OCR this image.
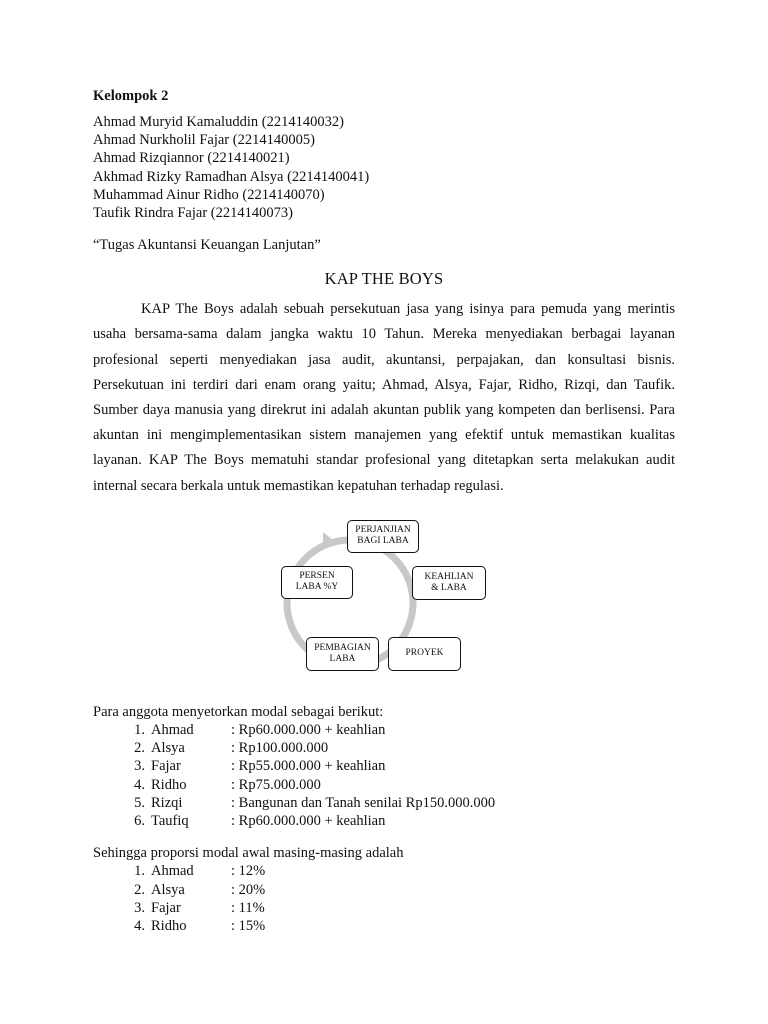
Kelompok 2
Ahmad Muryid Kamaluddin (2214140032)
Ahmad Nurkholil Fajar (2214140005)
Ahmad Rizqiannor (2214140021)
Akhmad Rizky Ramadhan Alsya (2214140041)
Muhammad Ainur Ridho (2214140070)
Taufik Rindra Fajar (2214140073)
“Tugas Akuntansi Keuangan Lanjutan”
KAP THE BOYS
KAP The Boys adalah sebuah persekutuan jasa yang isinya para pemuda yang merintis usaha bersama-sama dalam jangka waktu 10 Tahun. Mereka menyediakan berbagai layanan profesional seperti menyediakan jasa audit, akuntansi, perpajakan, dan konsultasi bisnis. Persekutuan ini terdiri dari enam orang yaitu; Ahmad, Alsya, Fajar, Ridho, Rizqi, dan Taufik. Sumber daya manusia yang direkrut ini adalah akuntan publik yang kompeten dan berlisensi. Para akuntan ini mengimplementasikan sistem manajemen yang efektif untuk memastikan kualitas layanan. KAP The Boys mematuhi standar profesional yang ditetapkan serta melakukan audit internal secara berkala untuk memastikan kepatuhan terhadap regulasi.
PERJANJIAN
BAGI LABA
KEAHLIAN
& LABA
PROYEK
PEMBAGIAN
LABA
PERSEN
LABA %Y
Para anggota menyetorkan modal sebagai berikut:
1. Ahmad	: Rp60.000.000 + keahlian
2. Alsya	: Rp100.000.000
3. Fajar	: Rp55.000.000 + keahlian
4. Ridho	: Rp75.000.000
5. Rizqi	: Bangunan dan Tanah senilai Rp150.000.000
6. Taufiq	: Rp60.000.000 + keahlian
Sehingga proporsi modal awal masing-masing adalah
1. Ahmad	: 12%
2. Alsya	: 20%
3. Fajar	: 11%
4. Ridho	: 15%
